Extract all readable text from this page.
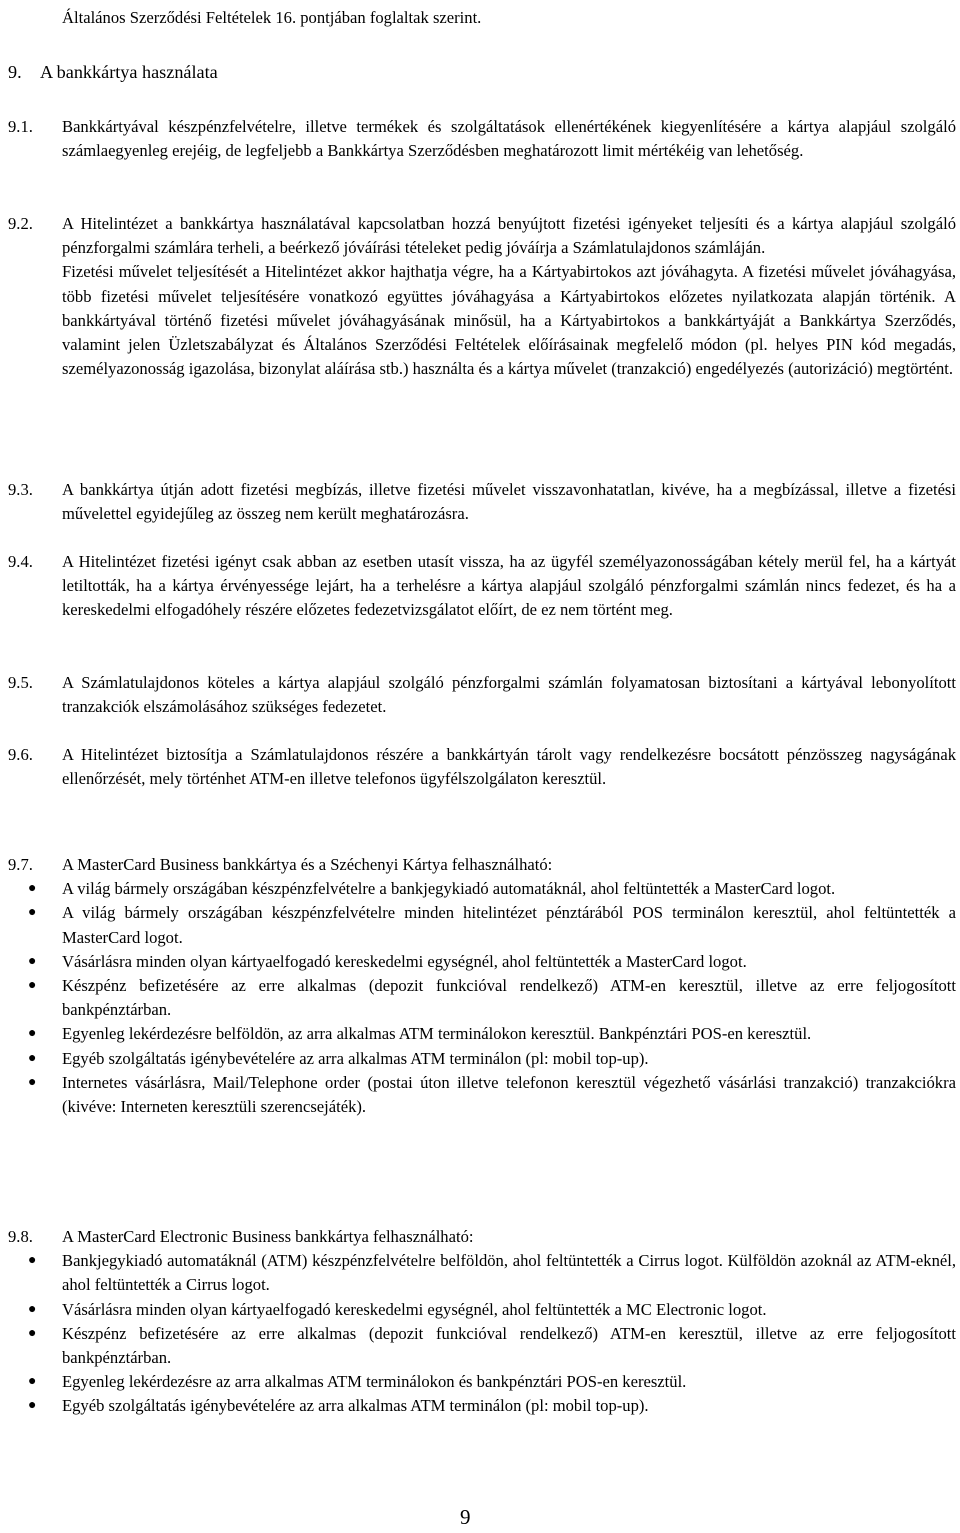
Általános Szerződési Feltételek 16. pontjában foglaltak szerint.
9. A bankkártya használata
9.1.	Bankkártyával készpénzfelvételre, illetve termékek és szolgáltatások ellenértékének kiegyenlítésére a kártya alapjául szolgáló számlaegyenleg erejéig, de legfeljebb a Bankkártya Szerződésben meghatározott limit mértékéig van lehetőség.

9.2.	A Hitelintézet a bankkártya használatával kapcsolatban hozzá benyújtott fizetési igényeket teljesíti és a kártya alapjául szolgáló pénzforgalmi számlára terheli, a beérkező jóváírási tételeket pedig jóváírja a Számlatulajdonos számláján.

Fizetési művelet teljesítését a Hitelintézet akkor hajthatja végre, ha a Kártyabirtokos azt jóváhagyta. A fizetési művelet jóváhagyása, több fizetési művelet teljesítésére vonatkozó együttes jóváhagyása a Kártyabirtokos előzetes nyilatkozata alapján történik. A bankkártyával történő fizetési művelet jóváhagyásának minősül, ha a Kártyabirtokos a bankkártyáját a Bankkártya Szerződés, valamint jelen Üzletszabályzat és Általános Szerződési Feltételek előírásainak megfelelő módon (pl. helyes PIN kód megadás, személyazonosság igazolása, bizonylat aláírása stb.) használta és a kártya művelet (tranzakció) engedélyezés (autorizáció) megtörtént.

9.3.	A bankkártya útján adott fizetési megbízás, illetve fizetési művelet visszavonhatatlan, kivéve, ha a megbízással, illetve a fizetési művelettel egyidejűleg az összeg nem került meghatározásra.

9.4.	A Hitelintézet fizetési igényt csak abban az esetben utasít vissza, ha az ügyfél személyazonosságában kétely merül fel, ha a kártyát letiltották, ha a kártya érvényessége lejárt, ha a terhelésre a kártya alapjául szolgáló pénzforgalmi számlán nincs fedezet, és ha a kereskedelmi elfogadóhely részére előzetes fedezetvizsgálatot előírt, de ez nem történt meg.

9.5.	A Számlatulajdonos köteles a kártya alapjául szolgáló pénzforgalmi számlán folyamatosan biztosítani a kártyával lebonyolított tranzakciók elszámolásához szükséges fedezetet.

9.6.	A Hitelintézet biztosítja a Számlatulajdonos részére a bankkártyán tárolt vagy rendelkezésre bocsátott pénzösszeg nagyságának ellenőrzését, mely történhet ATM-en illetve telefonos ügyfélszolgálaton keresztül.

9.7.	A MasterCard Business bankkártya és a Széchenyi Kártya felhasználható:

● A világ bármely országában készpénzfelvételre a bankjegykiadó automatáknál, ahol feltüntették a MasterCard logot.
● A világ bármely országában készpénzfelvételre minden hitelintézet pénztárából POS terminálon keresztül, ahol feltüntették a MasterCard logot.
● Vásárlásra minden olyan kártyaelfogadó kereskedelmi egységnél, ahol feltüntették a MasterCard logot.
● Készpénz befizetésére az erre alkalmas (depozit funkcióval rendelkező) ATM-en keresztül, illetve az erre feljogosított bankpénztárban.
● Egyenleg lekérdezésre belföldön, az arra alkalmas ATM terminálokon keresztül. Bankpénztári POS-en keresztül.
● Egyéb szolgáltatás igénybevételére az arra alkalmas ATM terminálon (pl: mobil top-up).
● Internetes vásárlásra, Mail/Telephone order (postai úton illetve telefonon keresztül végezhető vásárlási tranzakció) tranzakciókra (kivéve: Interneten keresztüli szerencsejáték).
9.8.	A MasterCard Electronic Business bankkártya felhasználható:

● Bankjegykiadó automatáknál (ATM) készpénzfelvételre belföldön, ahol feltüntették a Cirrus logot. Külföldön azoknál az ATM-eknél, ahol feltüntették a Cirrus logot.
● Vásárlásra minden olyan kártyaelfogadó kereskedelmi egységnél, ahol feltüntették a MC Electronic logot.
● Készpénz befizetésére az erre alkalmas (depozit funkcióval rendelkező) ATM-en keresztül, illetve az erre feljogosított bankpénztárban.
● Egyenleg lekérdezésre az arra alkalmas ATM terminálokon és bankpénztári POS-en keresztül.
● Egyéb szolgáltatás igénybevételére az arra alkalmas ATM terminálon (pl: mobil top-up).
9
